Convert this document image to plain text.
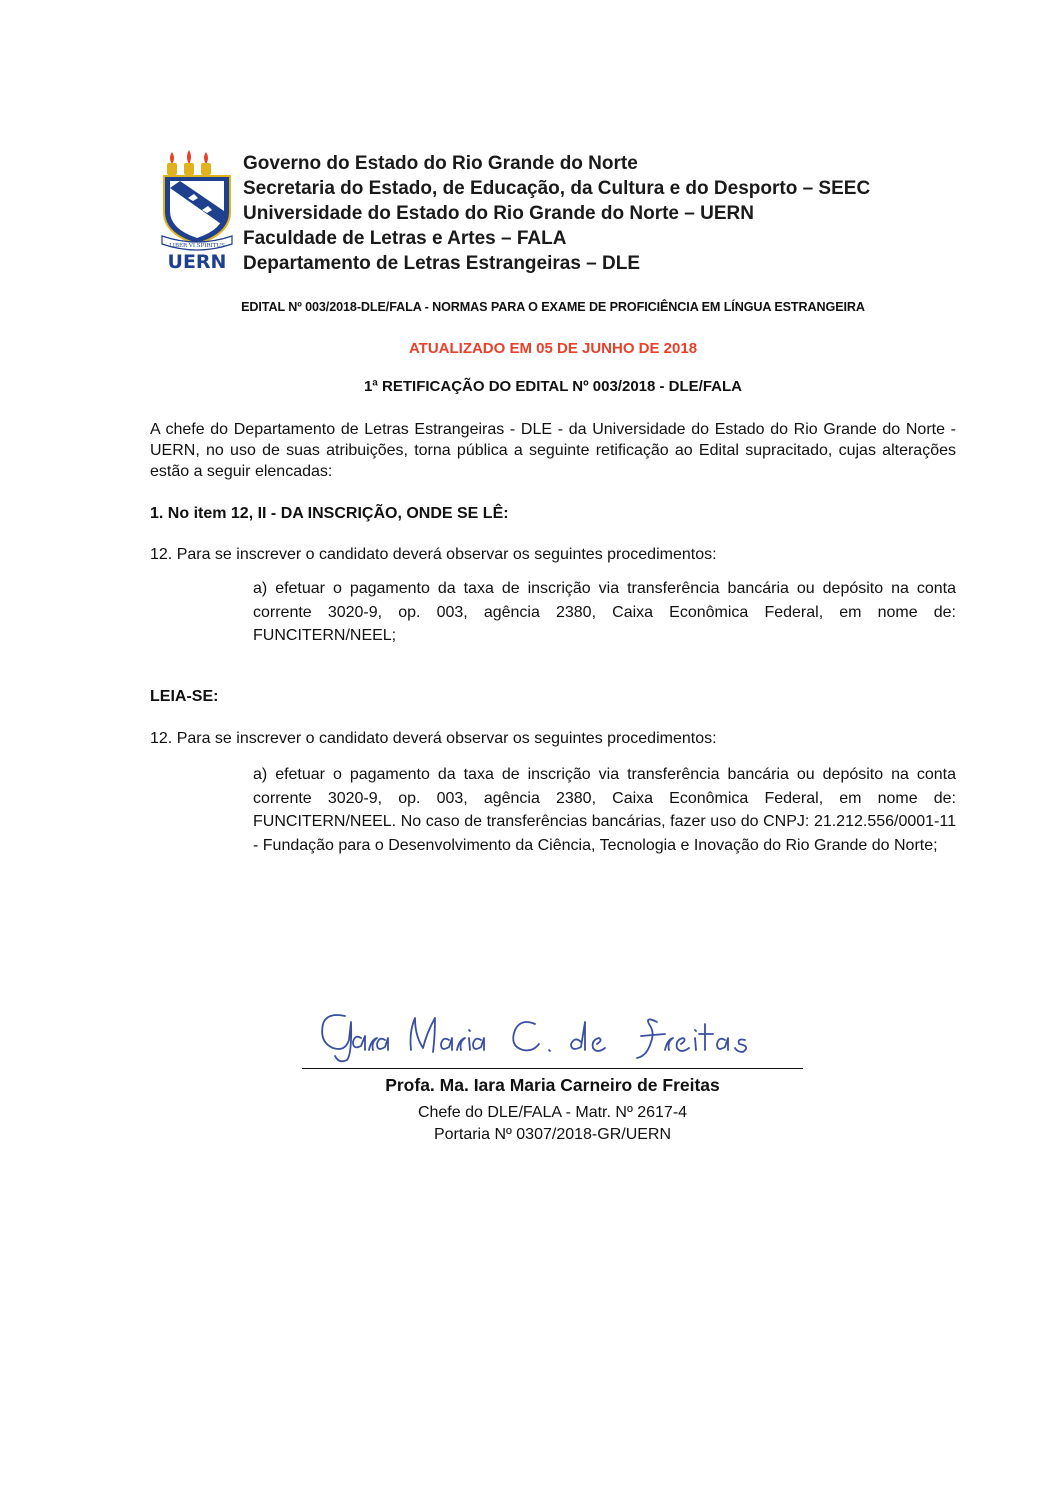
LIBER VI SPIRITUS
UERN
Governo do Estado do Rio Grande do Norte
Secretaria do Estado, de Educação, da Cultura e do Desporto – SEEC
Universidade do Estado do Rio Grande do Norte – UERN
Faculdade de Letras e Artes – FALA
Departamento de Letras Estrangeiras – DLE
EDITAL Nº 003/2018-DLE/FALA - NORMAS PARA O EXAME DE PROFICIÊNCIA EM LÍNGUA ESTRANGEIRA
ATUALIZADO EM 05 DE JUNHO DE 2018
1ª RETIFICAÇÃO DO EDITAL Nº 003/2018 - DLE/FALA
A chefe do Departamento de Letras Estrangeiras - DLE - da Universidade do Estado do Rio Grande do Norte - UERN, no uso de suas atribuições, torna pública a seguinte retificação ao Edital supracitado, cujas alterações estão a seguir elencadas:
1. No item 12, II - DA INSCRIÇÃO, ONDE SE LÊ:
12. Para se inscrever o candidato deverá observar os seguintes procedimentos:
a) efetuar o pagamento da taxa de inscrição via transferência bancária ou depósito na conta corrente 3020-9, op. 003, agência 2380, Caixa Econômica Federal, em nome de: FUNCITERN/NEEL;
LEIA-SE:
12. Para se inscrever o candidato deverá observar os seguintes procedimentos:
a) efetuar o pagamento da taxa de inscrição via transferência bancária ou depósito na conta corrente 3020-9, op. 003, agência 2380, Caixa Econômica Federal, em nome de: FUNCITERN/NEEL. No caso de transferências bancárias, fazer uso do CNPJ: 21.212.556/0001-11 - Fundação para o Desenvolvimento da Ciência, Tecnologia e Inovação do Rio Grande do Norte;
Profa. Ma. Iara Maria Carneiro de Freitas
Chefe do DLE/FALA - Matr. Nº 2617-4
Portaria Nº 0307/2018-GR/UERN
